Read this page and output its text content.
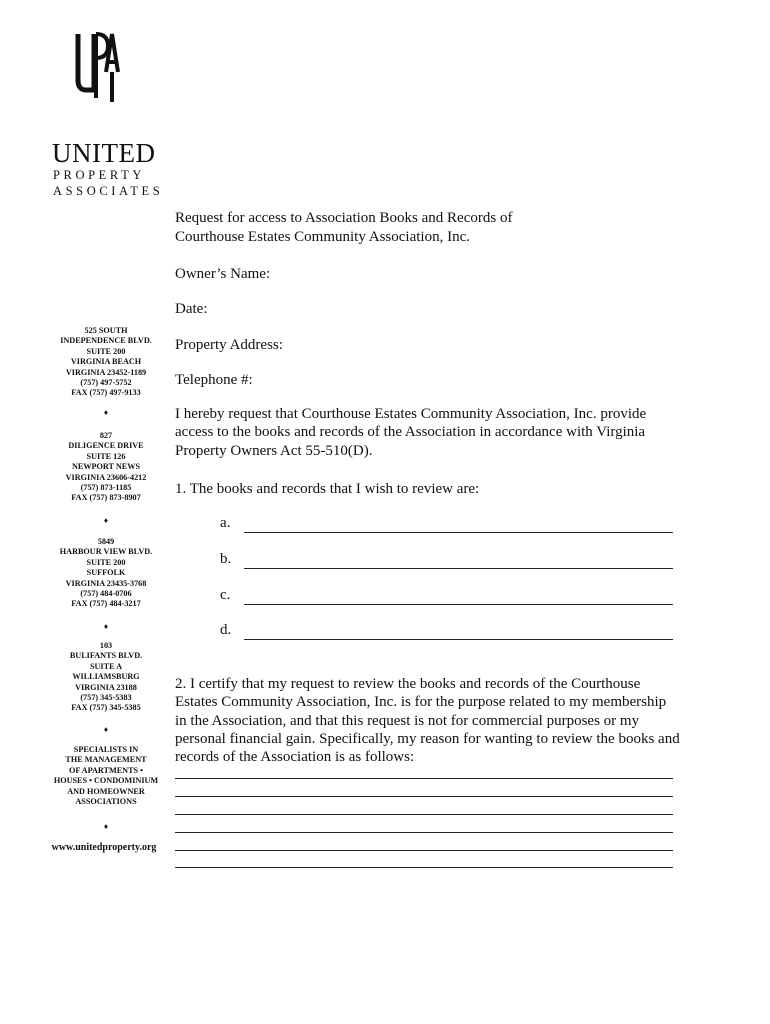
UNITED
PROPERTY
ASSOCIATES
525 SOUTH
INDEPENDENCE BLVD.
SUITE 200
VIRGINIA BEACH
VIRGINIA 23452-1189
(757) 497-5752
FAX (757) 497-9133
♦
827
DILIGENCE DRIVE
SUITE 126
NEWPORT NEWS
VIRGINIA 23606-4212
(757) 873-1185
FAX (757) 873-8907
♦
5849
HARBOUR VIEW BLVD.
SUITE 200
SUFFOLK
VIRGINIA 23435-3768
(757) 484-0706
FAX (757) 484-3217
♦
103
BULIFANTS BLVD.
SUITE A
WILLIAMSBURG
VIRGINIA 23188
(757) 345-5383
FAX (757) 345-5385
♦
SPECIALISTS IN
THE MANAGEMENT
OF APARTMENTS •
HOUSES • CONDOMINIUM
AND HOMEOWNER
ASSOCIATIONS
♦
www.unitedproperty.org
Request for access to Association Books and Records of
Courthouse Estates Community Association, Inc.
Owner’s Name:
Date:
Property Address:
Telephone #:
I hereby request that Courthouse Estates Community Association, Inc. provide access to the books and records of the Association in accordance with Virginia Property Owners Act 55-510(D).
1. The books and records that I wish to review are:
a.
b.
c.
d.
2. I certify that my request to review the books and records of the Courthouse Estates Community Association, Inc. is for the purpose related to my membership in the Association, and that this request is not for commercial purposes or my personal financial gain. Specifically, my reason for wanting to review the books and records of the Association is as follows:
